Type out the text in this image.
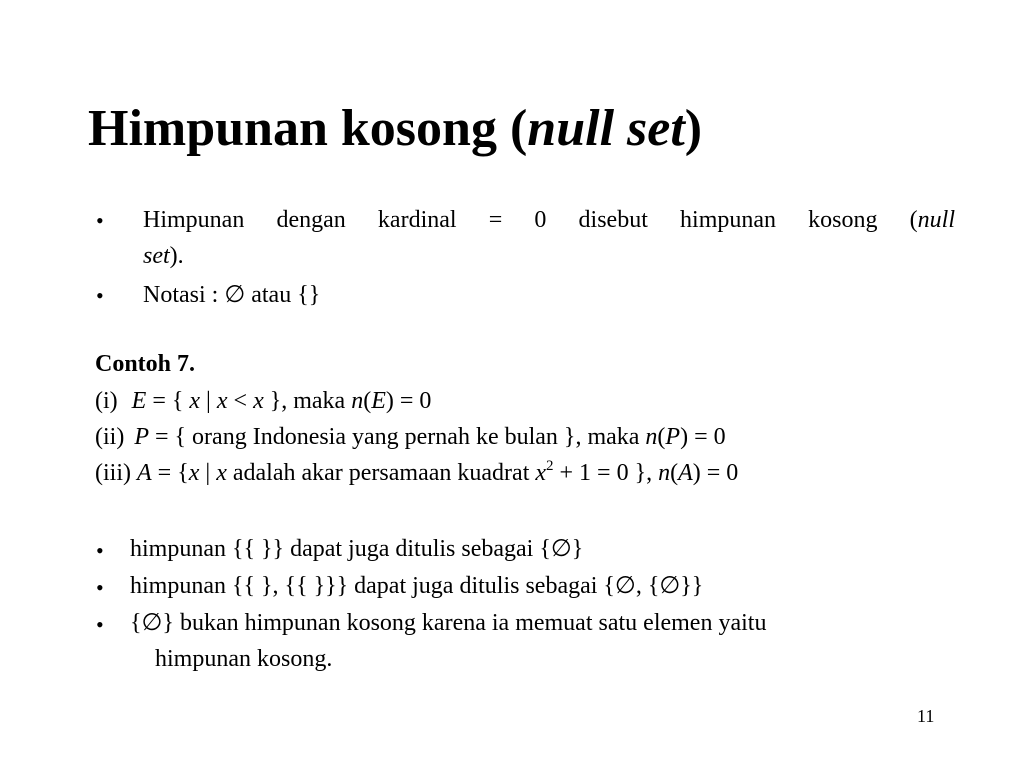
Himpunan kosong (null set)
• Himpunan dengan kardinal = 0 disebut himpunan kosong (null
set).
• Notasi : ∅ atau {}
Contoh 7.
(i) E = { x | x < x }, maka n(E) = 0
(ii) P = { orang Indonesia yang pernah ke bulan }, maka n(P) = 0
(iii) A = {x | x adalah akar persamaan kuadrat $x^2 + 1 = 0$ }, n(A) = 0
• himpunan {{ }} dapat juga ditulis sebagai {∅}
• himpunan {{ }, {{ }}} dapat juga ditulis sebagai {∅, {∅}}
• {∅} bukan himpunan kosong karena ia memuat satu elemen yaitu
himpunan kosong.
11
